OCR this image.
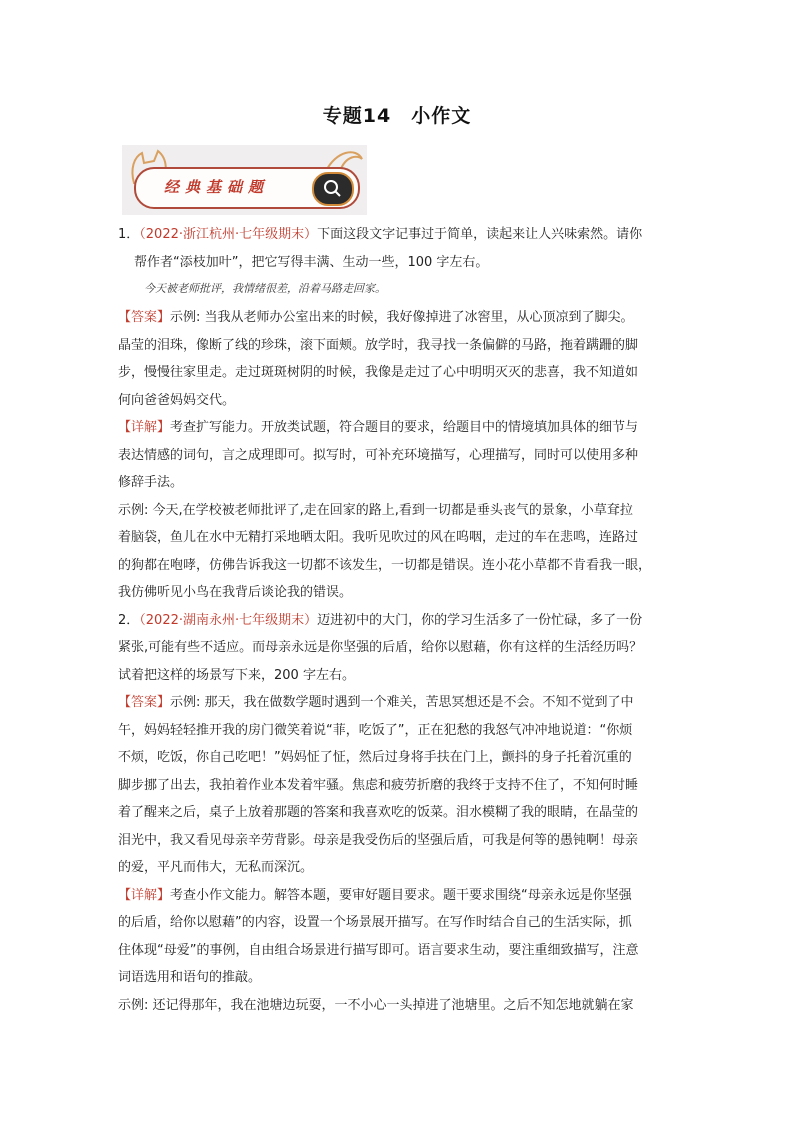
专题14　小作文
经典基础题

1．（2022·浙江杭州·七年级期末）下面这段文字记事过于简单，读起来让人兴味索然。请你

帮作者“添枝加叶”，把它写得丰满、生动一些，100 字左右。

今天被老师批评，我情绪很差，沿着马路走回家。

【答案】示例: 当我从老师办公室出来的时候，我好像掉进了冰窖里，从心顶凉到了脚尖。

晶莹的泪珠，像断了线的珍珠，滚下面颊。放学时，我寻找一条偏僻的马路，拖着蹒跚的脚

步，慢慢往家里走。走过斑斑树阴的时候，我像是走过了心中明明灭灭的悲喜，我不知道如

何向爸爸妈妈交代。

【详解】考查扩写能力。开放类试题，符合题目的要求，给题目中的情境填加具体的细节与

表达情感的词句，言之成理即可。拟写时，可补充环境描写，心理描写，同时可以使用多种

修辞手法。

示例: 今天,在学校被老师批评了,走在回家的路上,看到一切都是垂头丧气的景象，小草耷拉

着脑袋，鱼儿在水中无精打采地晒太阳。我听见吹过的风在呜咽，走过的车在悲鸣，连路过

的狗都在咆哮，仿佛告诉我这一切都不该发生，一切都是错误。连小花小草都不肯看我一眼，

我仿佛听见小鸟在我背后谈论我的错误。

2．（2022·湖南永州·七年级期末）迈进初中的大门，你的学习生活多了一份忙碌，多了一份

紧张,可能有些不适应。而母亲永远是你坚强的后盾，给你以慰藉，你有这样的生活经历吗？

试着把这样的场景写下来，200 字左右。

【答案】示例: 那天，我在做数学题时遇到一个难关，苦思冥想还是不会。不知不觉到了中

午，妈妈轻轻推开我的房门微笑着说“菲，吃饭了”，正在犯愁的我怒气冲冲地说道：“你烦

不烦，吃饭，你自己吃吧！”妈妈怔了怔，然后过身将手扶在门上，颤抖的身子托着沉重的

脚步挪了出去，我拍着作业本发着牢骚。焦虑和疲劳折磨的我终于支持不住了，不知何时睡

着了醒来之后，桌子上放着那题的答案和我喜欢吃的饭菜。泪水模糊了我的眼睛，在晶莹的

泪光中，我又看见母亲辛劳背影。母亲是我受伤后的坚强后盾，可我是何等的愚钝啊！母亲

的爱，平凡而伟大，无私而深沉。

【详解】考查小作文能力。解答本题，要审好题目要求。题干要求围绕“母亲永远是你坚强

的后盾，给你以慰藉”的内容，设置一个场景展开描写。在写作时结合自己的生活实际，抓

住体现“母爱”的事例，自由组合场景进行描写即可。语言要求生动，要注重细致描写，注意

词语选用和语句的推敲。

示例: 还记得那年，我在池塘边玩耍，一不小心一头掉进了池塘里。之后不知怎地就躺在家
